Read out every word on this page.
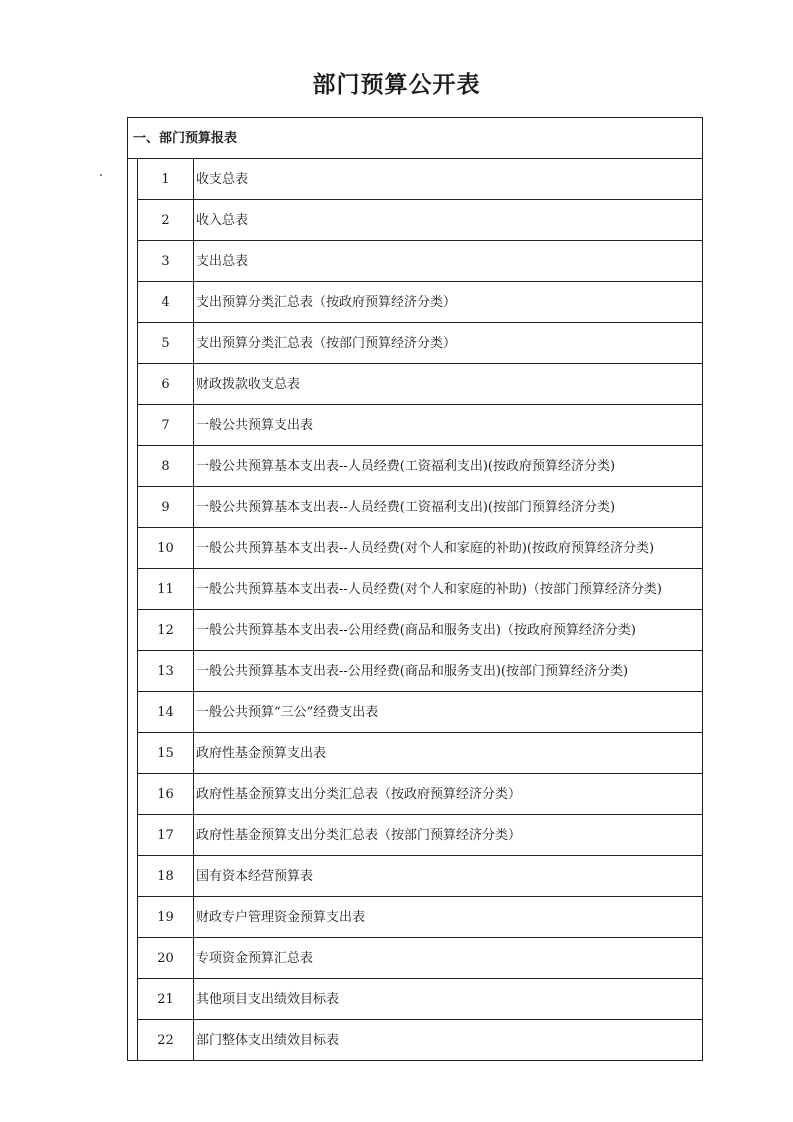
部门预算公开表
一、部门预算报表		
	1	收支总表
	2	收入总表
	3	支出总表
	4	支出预算分类汇总表（按政府预算经济分类）
	5	支出预算分类汇总表（按部门预算经济分类）
	6	财政拨款收支总表
	7	一般公共预算支出表
	8	一般公共预算基本支出表--人员经费(工资福利支出)(按政府预算经济分类)
	9	一般公共预算基本支出表--人员经费(工资福利支出)(按部门预算经济分类)
	10	一般公共预算基本支出表--人员经费(对个人和家庭的补助)(按政府预算经济分类)
	11	一般公共预算基本支出表--人员经费(对个人和家庭的补助)（按部门预算经济分类)
	12	一般公共预算基本支出表--公用经费(商品和服务支出)（按政府预算经济分类)
	13	一般公共预算基本支出表--公用经费(商品和服务支出)(按部门预算经济分类)
	14	一般公共预算“三公”经费支出表
	15	政府性基金预算支出表
	16	政府性基金预算支出分类汇总表（按政府预算经济分类）
	17	政府性基金预算支出分类汇总表（按部门预算经济分类）
	18	国有资本经营预算表
	19	财政专户管理资金预算支出表
	20	专项资金预算汇总表
	21	其他项目支出绩效目标表
	22	部门整体支出绩效目标表
